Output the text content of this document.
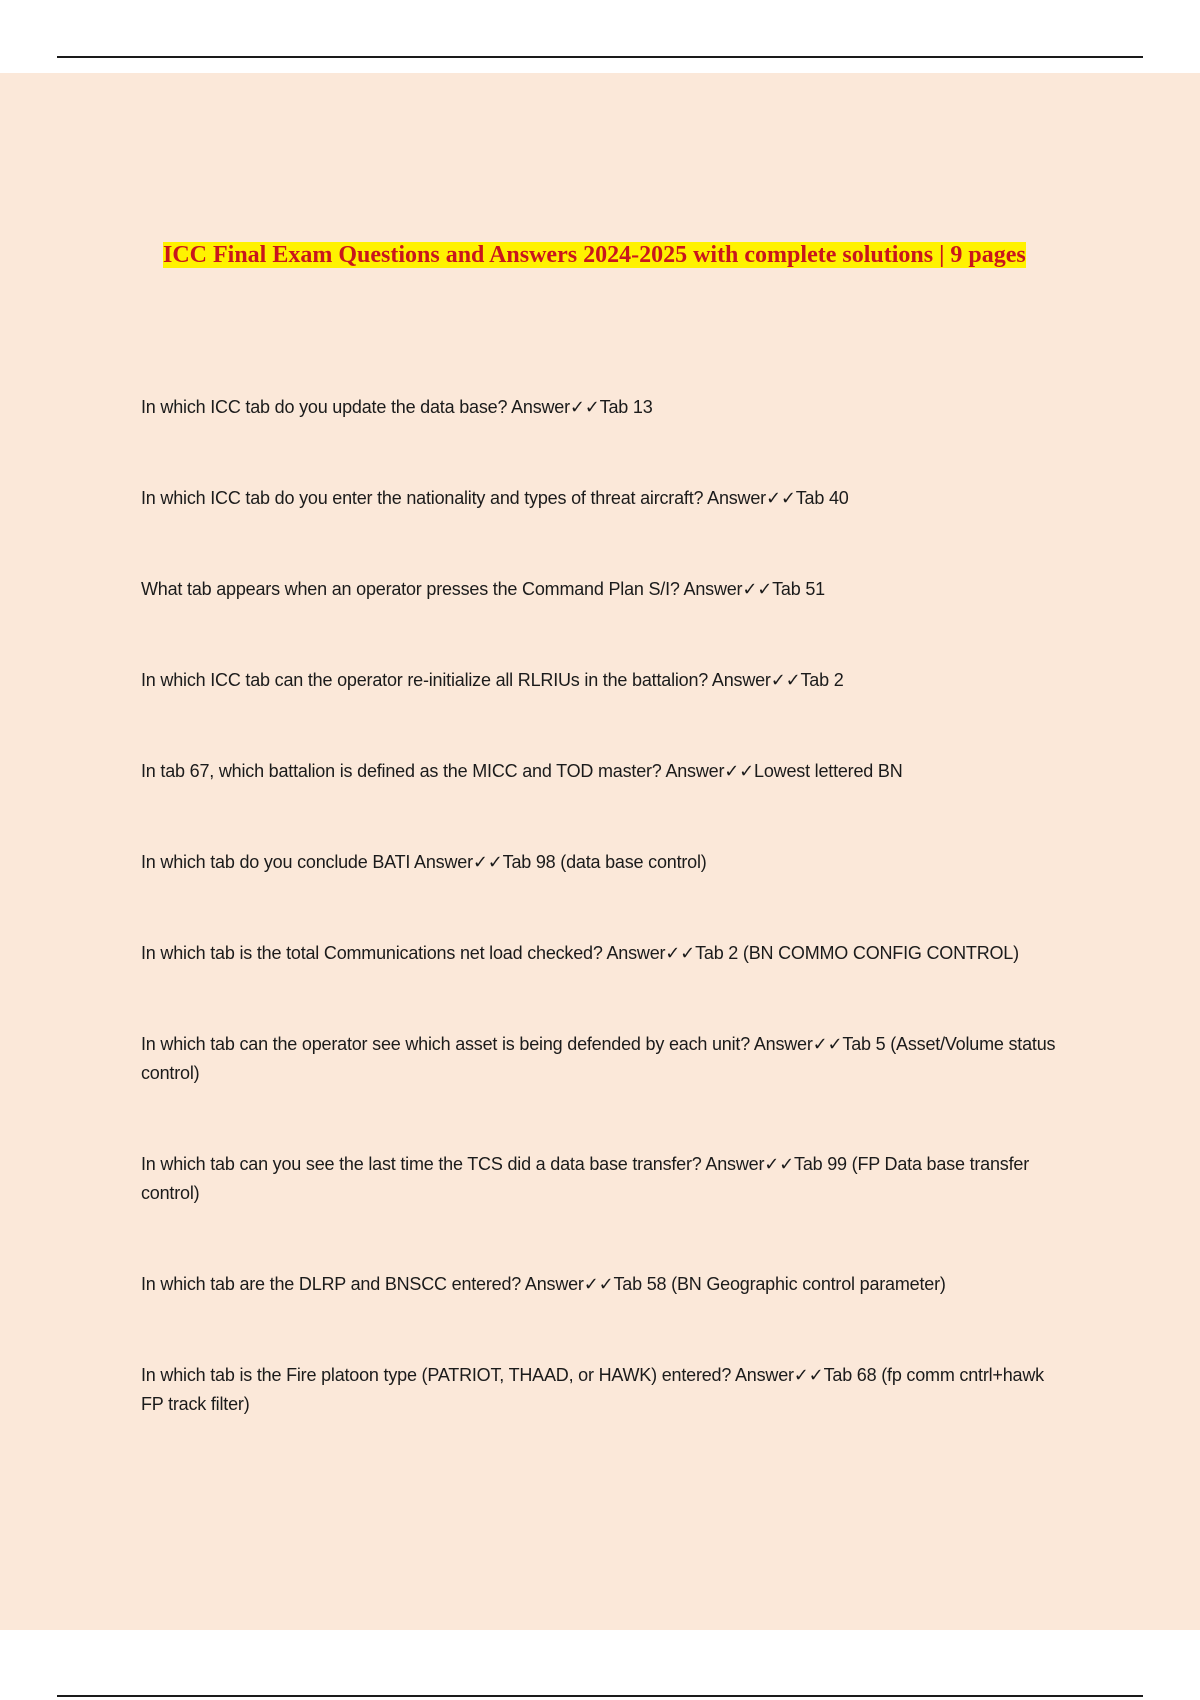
ICC Final Exam Questions and Answers 2024-2025 with complete solutions | 9 pages
In which ICC tab do you update the data base? Answer✓✓Tab 13
In which ICC tab do you enter the nationality and types of threat aircraft? Answer✓✓Tab 40
What tab appears when an operator presses the Command Plan S/I? Answer✓✓Tab 51
In which ICC tab can the operator re-initialize all RLRIUs in the battalion? Answer✓✓Tab 2
In tab 67, which battalion is defined as the MICC and TOD master? Answer✓✓Lowest lettered BN
In which tab do you conclude BATI Answer✓✓Tab 98 (data base control)
In which tab is the total Communications net load checked? Answer✓✓Tab 2 (BN COMMO CONFIG CONTROL)
In which tab can the operator see which asset is being defended by each unit? Answer✓✓Tab 5 (Asset/Volume status control)
In which tab can you see the last time the TCS did a data base transfer? Answer✓✓Tab 99 (FP Data base transfer control)
In which tab are the DLRP and BNSCC entered? Answer✓✓Tab 58 (BN Geographic control parameter)
In which tab is the Fire platoon type (PATRIOT, THAAD, or HAWK) entered? Answer✓✓Tab 68 (fp comm cntrl+hawk FP track filter)
